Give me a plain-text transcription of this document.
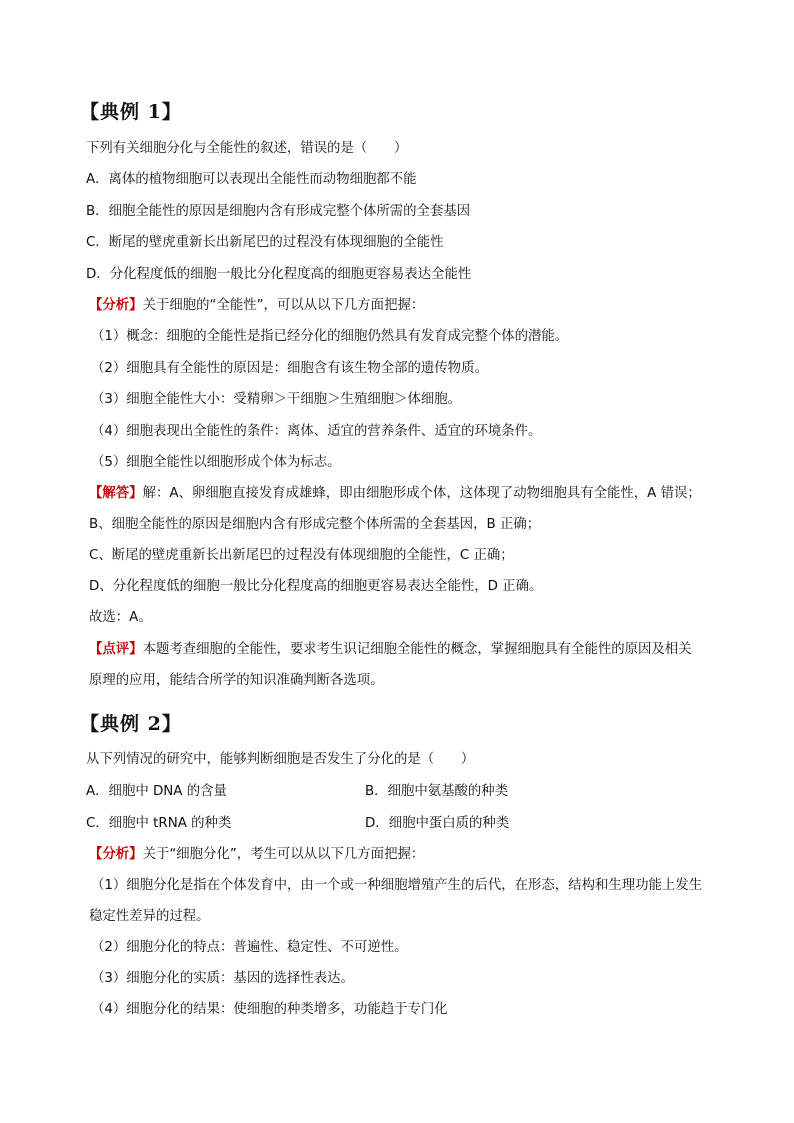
【典例 1】
下列有关细胞分化与全能性的叙述，错误的是（　　）
A．离体的植物细胞可以表现出全能性而动物细胞都不能
B．细胞全能性的原因是细胞内含有形成完整个体所需的全套基因
C．断尾的壁虎重新长出新尾巴的过程没有体现细胞的全能性
D．分化程度低的细胞一般比分化程度高的细胞更容易表达全能性
【分析】关于细胞的“全能性”，可以从以下几方面把握：
（1）概念：细胞的全能性是指已经分化的细胞仍然具有发育成完整个体的潜能。
（2）细胞具有全能性的原因是：细胞含有该生物全部的遗传物质。
（3）细胞全能性大小：受精卵＞干细胞＞生殖细胞＞体细胞。
（4）细胞表现出全能性的条件：离体、适宜的营养条件、适宜的环境条件。
（5）细胞全能性以细胞形成个体为标志。
【解答】解：A、卵细胞直接发育成雄蜂，即由细胞形成个体，这体现了动物细胞具有全能性，A 错误；
B、细胞全能性的原因是细胞内含有形成完整个体所需的全套基因，B 正确；
C、断尾的壁虎重新长出新尾巴的过程没有体现细胞的全能性，C 正确；
D、分化程度低的细胞一般比分化程度高的细胞更容易表达全能性，D 正确。
故选：A。
【点评】本题考查细胞的全能性，要求考生识记细胞全能性的概念，掌握细胞具有全能性的原因及相关
原理的应用，能结合所学的知识准确判断各选项。
【典例 2】
从下列情况的研究中，能够判断细胞是否发生了分化的是（　　）
A．细胞中 DNA 的含量	B．细胞中氨基酸的种类
C．细胞中 tRNA 的种类	D．细胞中蛋白质的种类
【分析】关于“细胞分化”，考生可以从以下几方面把握：
（1）细胞分化是指在个体发育中，由一个或一种细胞增殖产生的后代，在形态，结构和生理功能上发生
稳定性差异的过程。
（2）细胞分化的特点：普遍性、稳定性、不可逆性。
（3）细胞分化的实质：基因的选择性表达。
（4）细胞分化的结果：使细胞的种类增多，功能趋于专门化
